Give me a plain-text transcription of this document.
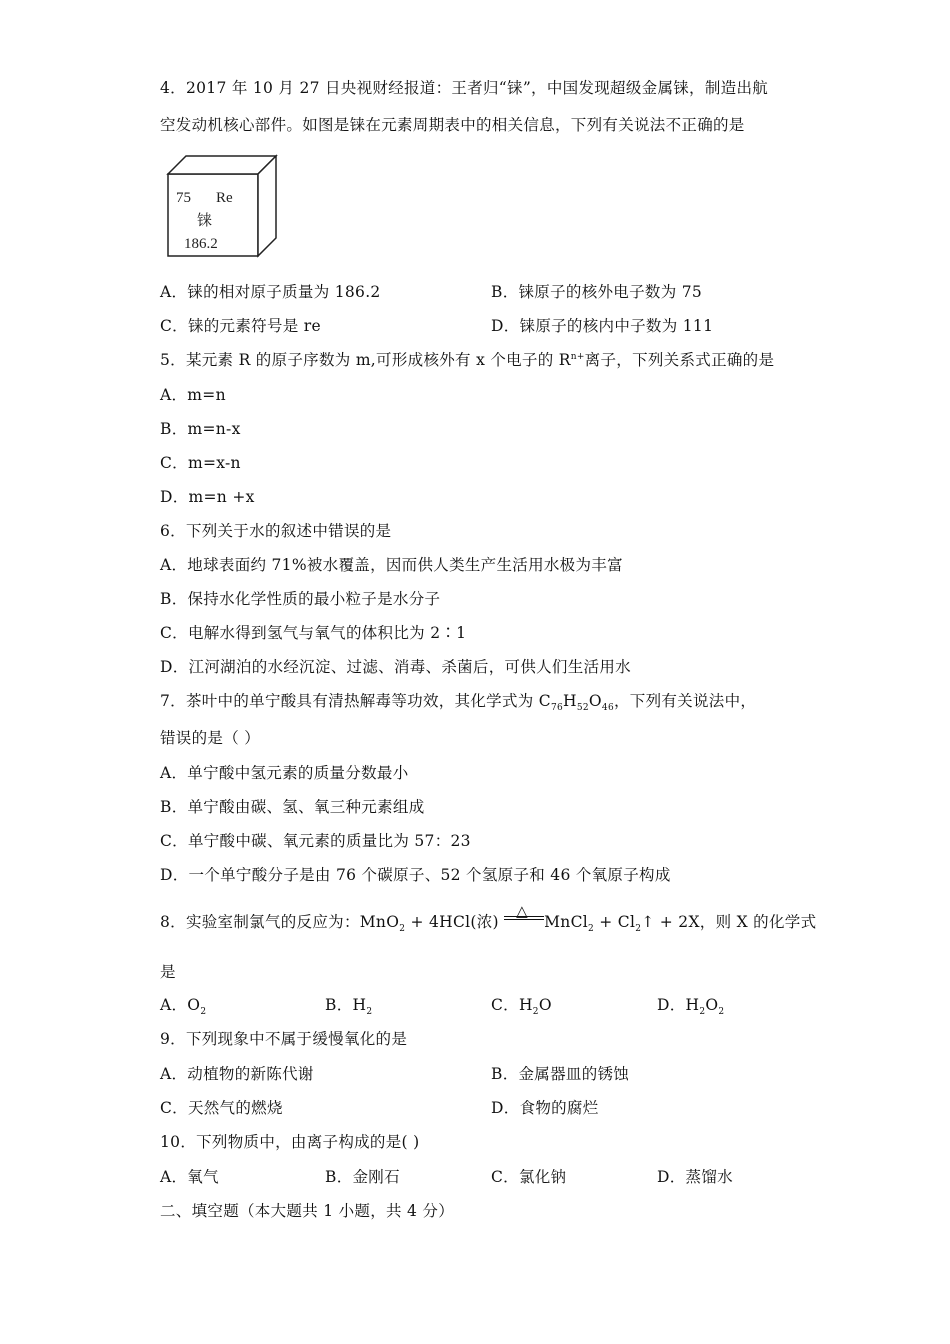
4．2017 年 10 月 27 日央视财经报道：王者归“铼”，中国发现超级金属铼，制造出航
空发动机核心部件。如图是铼在元素周期表中的相关信息，下列有关说法不正确的是
75 Re
铼
186.2
A．铼的相对原子质量为 186.2	B．铼原子的核外电子数为 75
C．铼的元素符号是 re	D．铼原子的核内中子数为 111
5．某元素 R 的原子序数为 m,可形成核外有 x 个电子的 $R^{n+}$离子，下列关系式正确的是
A．m=n
B．m=n-x
C．m=x-n
D．m=n +x
6．下列关于水的叙述中错误的是
A．地球表面约 71%被水覆盖，因而供人类生产生活用水极为丰富
B．保持水化学性质的最小粒子是水分子
C．电解水得到氢气与氧气的体积比为 2∶1
D．江河湖泊的水经沉淀、过滤、消毒、杀菌后，可供人们生活用水
7．茶叶中的单宁酸具有清热解毒等功效，其化学式为 $C_{76}H_{52}O_{46}$，下列有关说法中，
错误的是（ ）
A．单宁酸中氢元素的质量分数最小
B．单宁酸由碳、氢、氧三种元素组成
C．单宁酸中碳、氧元素的质量比为 57：23
D．一个单宁酸分子是由 76 个碳原子、52 个氢原子和 46 个氧原子构成
8．实验室制氯气的反应为：MnO$_2$ + 4HCl(浓)
△
MnCl$_2$ + $Cl_2↑ + 2X$，则 X 的化学式
是
A．$O_2$	B．$H_2$	C．$H_2O$	D．$H_2O_2$
9．下列现象中不属于缓慢氧化的是
A．动植物的新陈代谢	B．金属器皿的锈蚀
C．天然气的燃烧	D．食物的腐烂
10．下列物质中，由离子构成的是( )
A．氧气	B．金刚石	C．氯化钠	D．蒸馏水
二、填空题（本大题共 1 小题，共 4 分）
